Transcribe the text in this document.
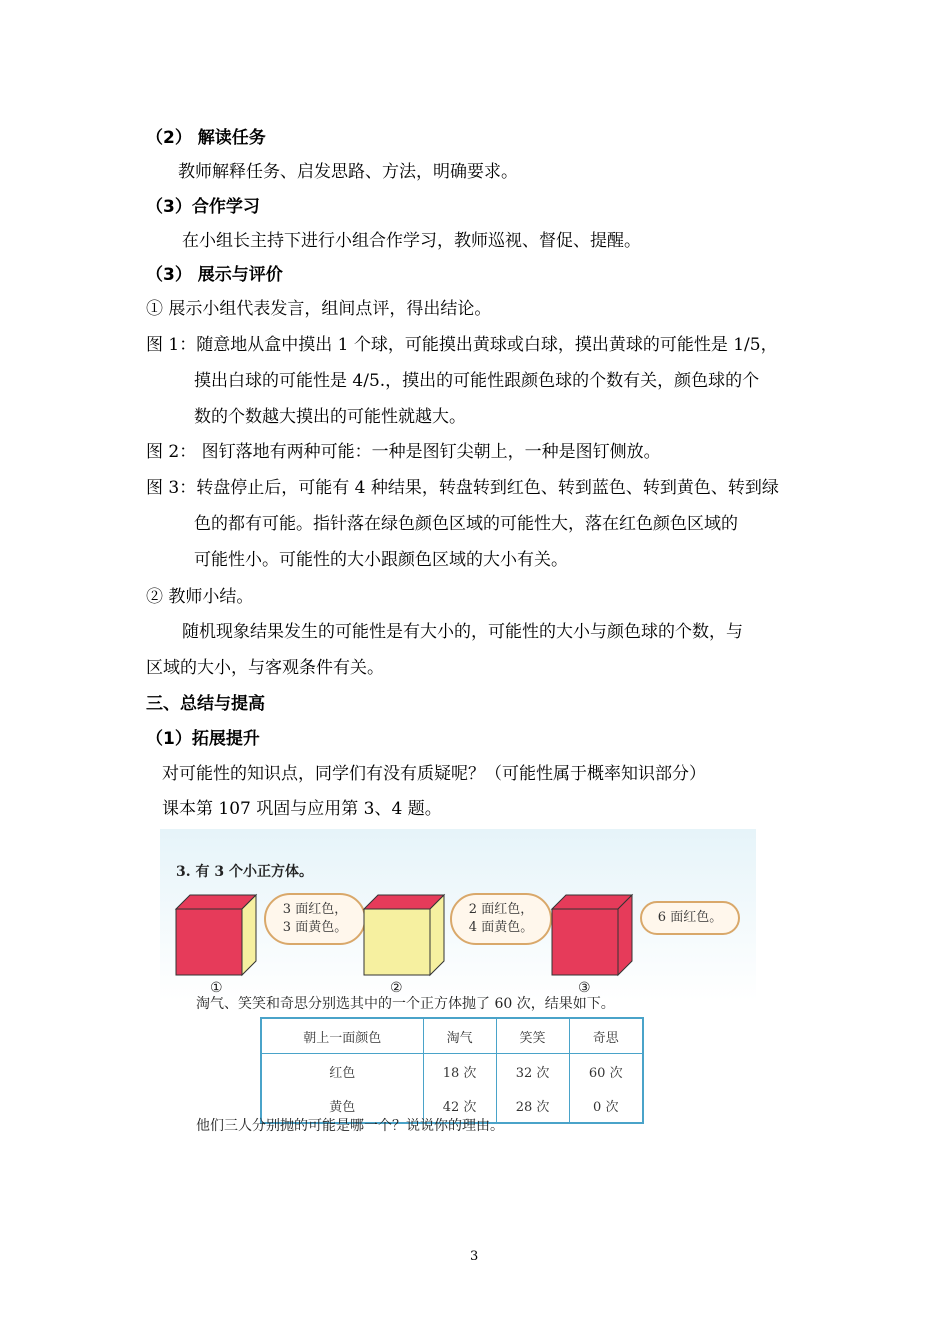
（2） 解读任务
教师解释任务、启发思路、方法，明确要求。
（3）合作学习
在小组长主持下进行小组合作学习，教师巡视、督促、提醒。
（3） 展示与评价
① 展示小组代表发言，组间点评，得出结论。
图 1：随意地从盒中摸出 1 个球，可能摸出黄球或白球，摸出黄球的可能性是 1/5，
摸出白球的可能性是 4/5.，摸出的可能性跟颜色球的个数有关，颜色球的个
数的个数越大摸出的可能性就越大。
图 2： 图钉落地有两种可能：一种是图钉尖朝上，一种是图钉侧放。
图 3：转盘停止后，可能有 4 种结果，转盘转到红色、转到蓝色、转到黄色、转到绿
色的都有可能。指针落在绿色颜色区域的可能性大，落在红色颜色区域的
可能性小。可能性的大小跟颜色区域的大小有关。
② 教师小结。
随机现象结果发生的可能性是有大小的，可能性的大小与颜色球的个数，与
区域的大小，与客观条件有关。
三、总结与提高
（1）拓展提升
对可能性的知识点，同学们有没有质疑呢？（可能性属于概率知识部分）
课本第 107 巩固与应用第 3、4 题。
3. 有 3 个小正方体。
①
3 面红色，
3 面黄色。
②
2 面红色，
4 面黄色。
③
6 面红色。
淘气、笑笑和奇思分别选其中的一个正方体抛了 60 次，结果如下。
朝上一面颜色	淘气	笑笑	奇思
红色	18 次	32 次	60 次
黄色	42 次	28 次	0 次
他们三人分别抛的可能是哪一个？说说你的理由。
3
